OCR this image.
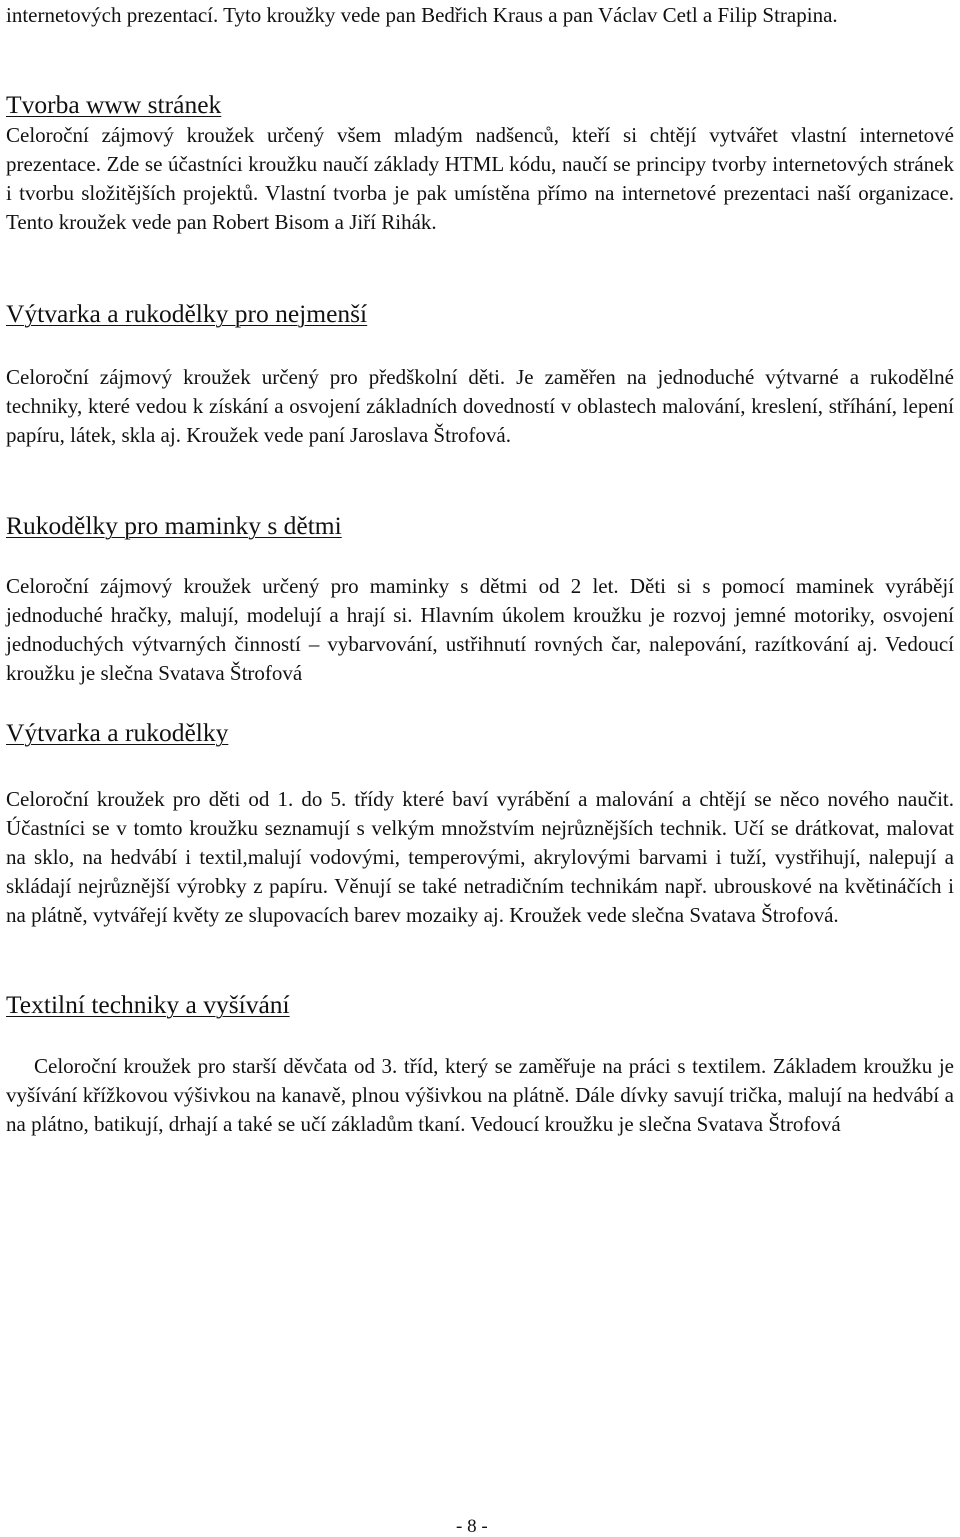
internetových prezentací. Tyto kroužky vede pan Bedřich Kraus a pan Václav Cetl a Filip Strapina.

Tvorba www stránek

Celoroční zájmový kroužek určený všem mladým nadšenců, kteří si chtějí vytvářet vlastní internetové prezentace. Zde se účastníci kroužku naučí základy HTML kódu, naučí se principy tvorby internetových stránek i tvorbu složitějších projektů. Vlastní tvorba je pak umístěna přímo na internetové prezentaci naší organizace. Tento kroužek vede pan Robert Bisom a Jiří Rihák.

Výtvarka a rukodělky pro nejmenší

Celoroční zájmový kroužek určený pro předškolní děti. Je zaměřen na jednoduché výtvarné a rukodělné techniky, které vedou k získání a osvojení základních dovedností v oblastech malování, kreslení, stříhání, lepení papíru, látek, skla aj. Kroužek vede paní Jaroslava Štrofová.

Rukodělky pro maminky s dětmi

Celoroční zájmový kroužek určený pro maminky s dětmi od 2 let. Děti si s pomocí maminek vyrábějí jednoduché hračky, malují, modelují a hrají si. Hlavním úkolem kroužku je rozvoj jemné motoriky, osvojení jednoduchých výtvarných činností – vybarvování, ustřihnutí rovných čar, nalepování, razítkování aj. Vedoucí kroužku je slečna Svatava Štrofová

Výtvarka a rukodělky

Celoroční kroužek pro děti od 1. do 5. třídy které baví vyrábění a malování a chtějí se něco nového naučit. Účastníci se v tomto kroužku seznamují s velkým množstvím nejrůznějších technik. Učí se drátkovat, malovat na sklo, na hedvábí i textil,malují vodovými, temperovými, akrylovými barvami i tuží, vystřihují, nalepují a skládají nejrůznější výrobky z papíru. Věnují se také netradičním technikám např. ubrouskové na květináčích i na plátně, vytvářejí květy ze slupovacích barev mozaiky aj. Kroužek vede slečna Svatava Štrofová.

Textilní techniky a vyšívání

Celoroční kroužek pro starší děvčata od 3. tříd, který se zaměřuje na práci s textilem. Základem kroužku je vyšívání křížkovou výšivkou na kanavě, plnou výšivkou na plátně. Dále dívky savují trička, malují na hedvábí a na plátno, batikují, drhají a také se učí základům tkaní. Vedoucí kroužku je slečna Svatava Štrofová

- 8 -
